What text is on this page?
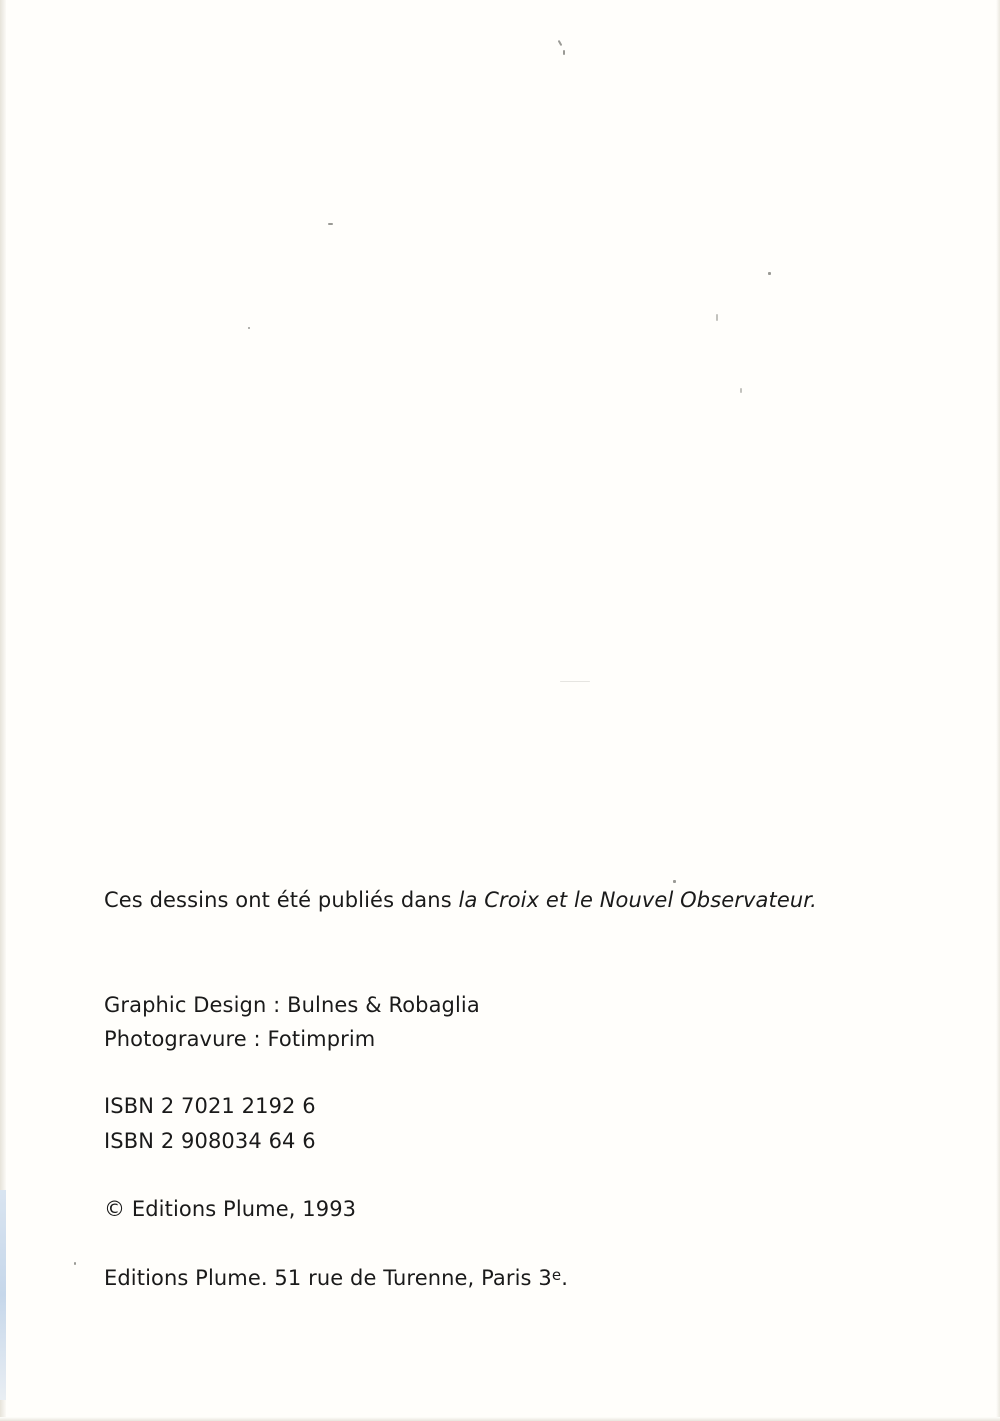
Ces dessins ont été publiés dans la Croix et le Nouvel Observateur.
Graphic Design : Bulnes & Robaglia
Photogravure : Fotimprim
ISBN 2 7021 2192 6
ISBN 2 908034 64 6
© Editions Plume, 1993
Editions Plume. 51 rue de Turenne, Paris 3e.
